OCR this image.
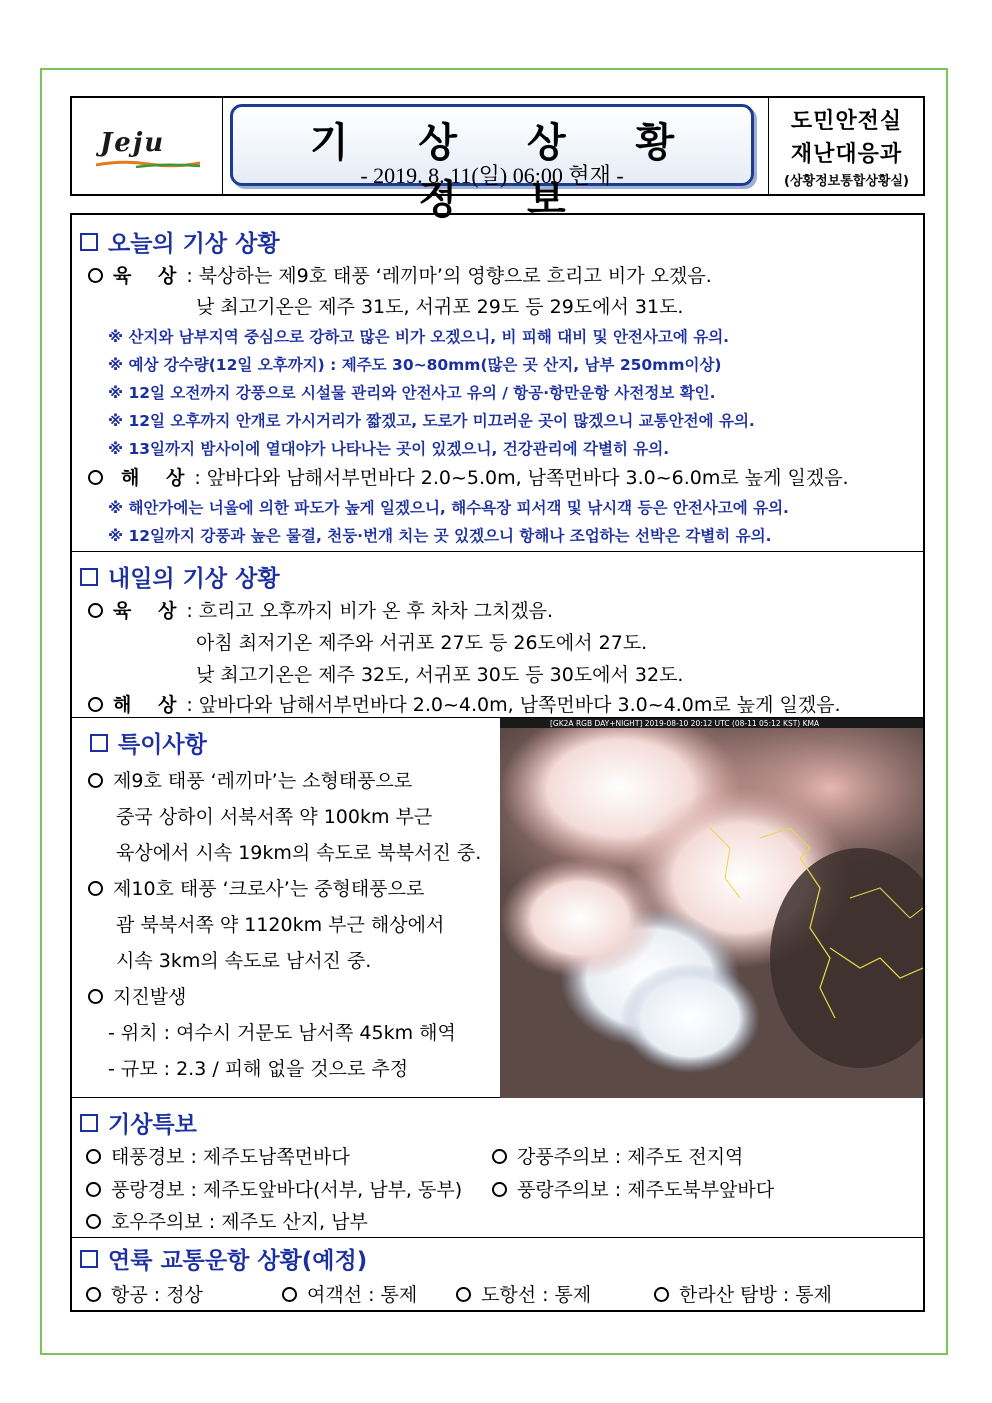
Jeju	기 상 상 황 정 보
- 2019. 8. 11(일) 06:00 현재 -
도민안전실
재난대응과
(상황정보통합상황실)
오늘의 기상 상황
육 상: 북상하는 제9호 태풍 ‘레끼마’의 영향으로 흐리고 비가 오겠음.
낮 최고기온은 제주 31도, 서귀포 29도 등 29도에서 31도.
※ 산지와 남부지역 중심으로 강하고 많은 비가 오겠으니, 비 피해 대비 및 안전사고에 유의.
※ 예상 강수량(12일 오후까지) : 제주도 30~80mm(많은 곳 산지, 남부 250mm이상)
※ 12일 오전까지 강풍으로 시설물 관리와 안전사고 유의 / 항공·항만운항 사전정보 확인.
※ 12일 오후까지 안개로 가시거리가 짧겠고, 도로가 미끄러운 곳이 많겠으니 교통안전에 유의.
※ 13일까지 밤사이에 열대야가 나타나는 곳이 있겠으니, 건강관리에 각별히 유의.
해 상: 앞바다와 남해서부먼바다 2.0~5.0m, 남쪽먼바다 3.0~6.0m로 높게 일겠음.
※ 해안가에는 너울에 의한 파도가 높게 일겠으니, 해수욕장 피서객 및 낚시객 등은 안전사고에 유의.
※ 12일까지 강풍과 높은 물결, 천둥·번개 치는 곳 있겠으니 항해나 조업하는 선박은 각별히 유의.
내일의 기상 상황
육 상: 흐리고 오후까지 비가 온 후 차차 그치겠음.
아침 최저기온 제주와 서귀포 27도 등 26도에서 27도.
낮 최고기온은 제주 32도, 서귀포 30도 등 30도에서 32도.
해 상: 앞바다와 남해서부먼바다 2.0~4.0m, 남쪽먼바다 3.0~4.0m로 높게 일겠음.
특이사항
제9호 태풍 ‘레끼마’는 소형태풍으로
중국 상하이 서북서쪽 약 100km 부근
육상에서 시속 19km의 속도로 북북서진 중.
제10호 태풍 ‘크로사’는 중형태풍으로
괌 북북서쪽 약 1120km 부근 해상에서
시속 3km의 속도로 남서진 중.
지진발생
- 위치 : 여수시 거문도 남서쪽 45km 해역
- 규모 : 2.3 / 피해 없을 것으로 추정
[GK2A RGB DAY+NIGHT] 2019-08-10 20:12 UTC (08-11 05:12 KST) KMA
기상특보
태풍경보 : 제주도남쪽먼바다
풍랑경보 : 제주도앞바다(서부, 남부, 동부)
호우주의보 : 제주도 산지, 남부
강풍주의보 : 제주도 전지역
풍랑주의보 : 제주도북부앞바다
연륙 교통운항 상황(예정)
항공 : 정상	여객선 : 통제	도항선 : 통제	한라산 탐방 : 통제
